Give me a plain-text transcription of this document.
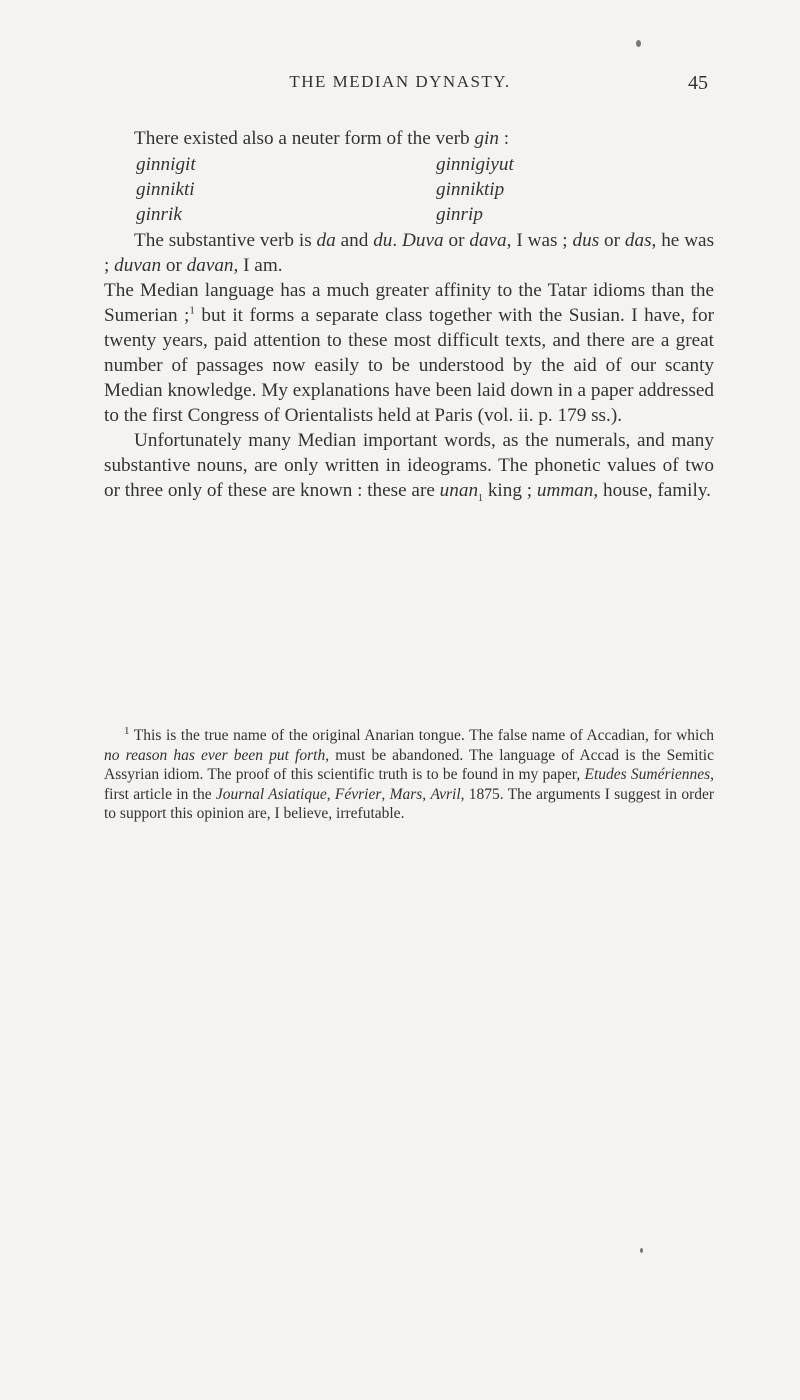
THE MEDIAN DYNASTY.	45

There existed also a neuter form of the verb gin :

ginnigit	ginnigiyut
ginnikti	ginniktip
ginrik	ginrip

The substantive verb is da and du. Duva or dava, I was ; dus or das, he was ; duvan or davan, I am.

The Median language has a much greater affinity to the Tatar idioms than the Sumerian ;$^1$ but it forms a separate class together with the Susian. I have, for twenty years, paid attention to these most difficult texts, and there are a great number of passages now easily to be understood by the aid of our scanty Median knowledge. My explanations have been laid down in a paper addressed to the first Congress of Orientalists held at Paris (vol. ii. p. 179 ss.).

Unfortunately many Median important words, as the numerals, and many substantive nouns, are only written in ideograms. The phonetic values of two or three only of these are known : these are unan$_1$ king ; umman, house, family.

$^1$ This is the true name of the original Anarian tongue. The false name of Accadian, for which no reason has ever been put forth, must be abandoned. The language of Accad is the Semitic Assyrian idiom. The proof of this scientific truth is to be found in my paper, Etudes Sumériennes, first article in the Journal Asiatique, Février, Mars, Avril, 1875. The arguments I suggest in order to support this opinion are, I believe, irrefutable.
